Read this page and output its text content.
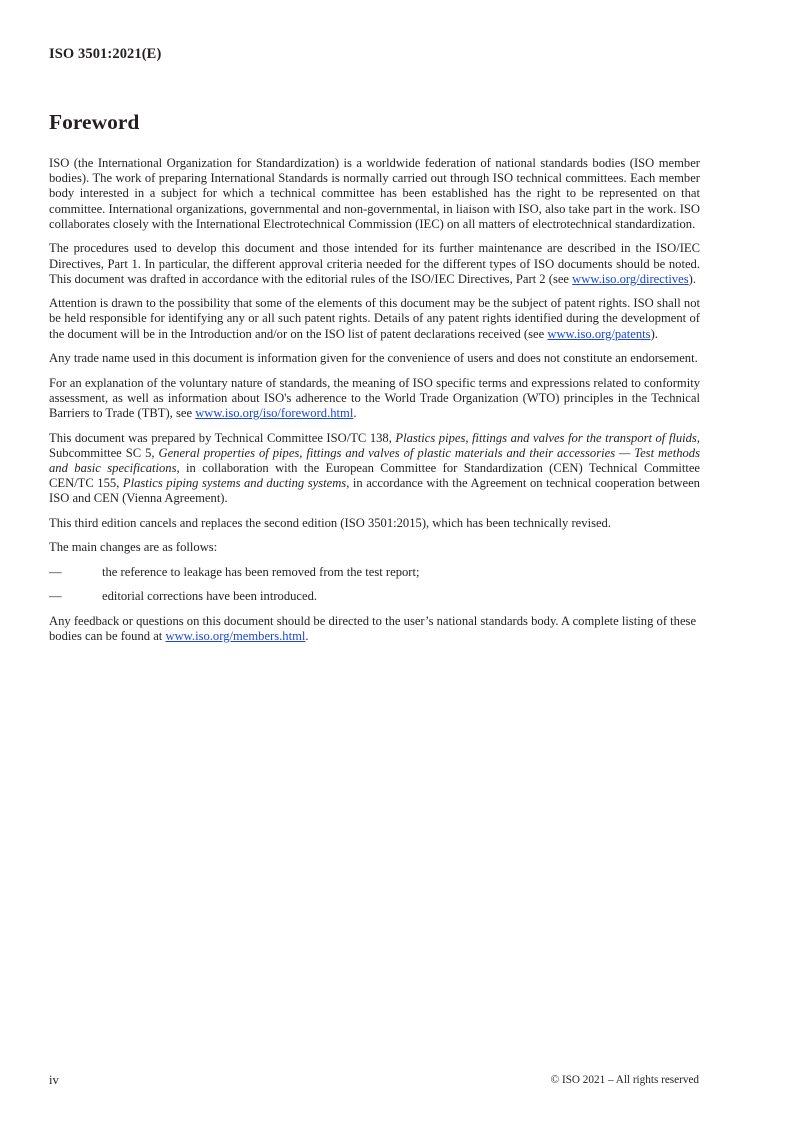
ISO 3501:2021(E)
Foreword

ISO (the International Organization for Standardization) is a worldwide federation of national standards bodies (ISO member bodies). The work of preparing International Standards is normally carried out through ISO technical committees. Each member body interested in a subject for which a technical committee has been established has the right to be represented on that committee. International organizations, governmental and non-governmental, in liaison with ISO, also take part in the work. ISO collaborates closely with the International Electrotechnical Commission (IEC) on all matters of electrotechnical standardization.

The procedures used to develop this document and those intended for its further maintenance are described in the ISO/IEC Directives, Part 1. In particular, the different approval criteria needed for the different types of ISO documents should be noted. This document was drafted in accordance with the editorial rules of the ISO/IEC Directives, Part 2 (see www.iso.org/directives).

Attention is drawn to the possibility that some of the elements of this document may be the subject of patent rights. ISO shall not be held responsible for identifying any or all such patent rights. Details of any patent rights identified during the development of the document will be in the Introduction and/or on the ISO list of patent declarations received (see www.iso.org/patents).

Any trade name used in this document is information given for the convenience of users and does not constitute an endorsement.

For an explanation of the voluntary nature of standards, the meaning of ISO specific terms and expressions related to conformity assessment, as well as information about ISO's adherence to the World Trade Organization (WTO) principles in the Technical Barriers to Trade (TBT), see www.iso.org/iso/foreword.html.

This document was prepared by Technical Committee ISO/TC 138, Plastics pipes, fittings and valves for the transport of fluids, Subcommittee SC 5, General properties of pipes, fittings and valves of plastic materials and their accessories — Test methods and basic specifications, in collaboration with the European Committee for Standardization (CEN) Technical Committee CEN/TC 155, Plastics piping systems and ducting systems, in accordance with the Agreement on technical cooperation between ISO and CEN (Vienna Agreement).

This third edition cancels and replaces the second edition (ISO 3501:2015), which has been technically revised.

The main changes are as follows:

—	the reference to leakage has been removed from the test report;
—	editorial corrections have been introduced.

Any feedback or questions on this document should be directed to the user’s national standards body. A complete listing of these bodies can be found at www.iso.org/members.html.

iv	© ISO 2021 – All rights reserved
